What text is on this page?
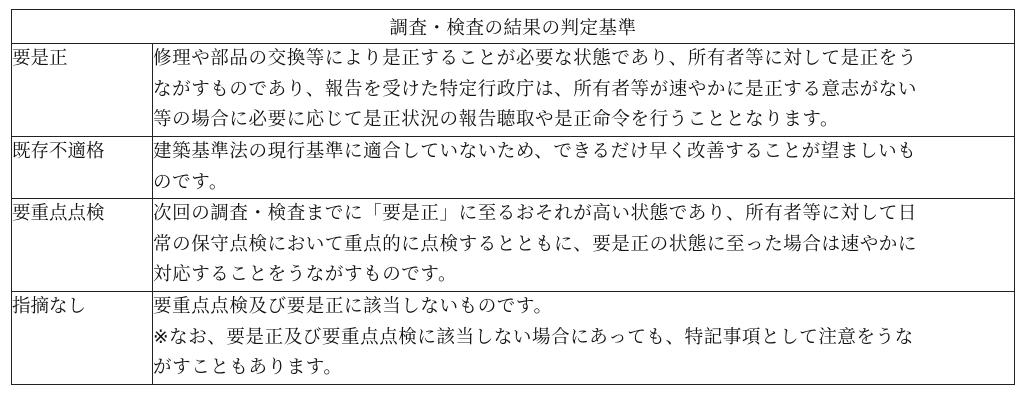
調査・検査の結果の判定基準	
要是正	修理や部品の交換等により是正することが必要な状態であり、所有者等に対して是正をう
ながすものであり、報告を受けた特定行政庁は、所有者等が速やかに是正する意志がない
等の場合に必要に応じて是正状況の報告聴取や是正命令を行うこととなります。

既存不適格	建築基準法の現行基準に適合していないため、できるだけ早く改善することが望ましいも
のです。

要重点点検	次回の調査・検査までに「要是正」に至るおそれが高い状態であり、所有者等に対して日
常の保守点検において重点的に点検するとともに、要是正の状態に至った場合は速やかに
対応することをうながすものです。

指摘なし	要重点点検及び要是正に該当しないものです。
※なお、要是正及び要重点点検に該当しない場合にあっても、特記事項として注意をうな
がすこともあります。
